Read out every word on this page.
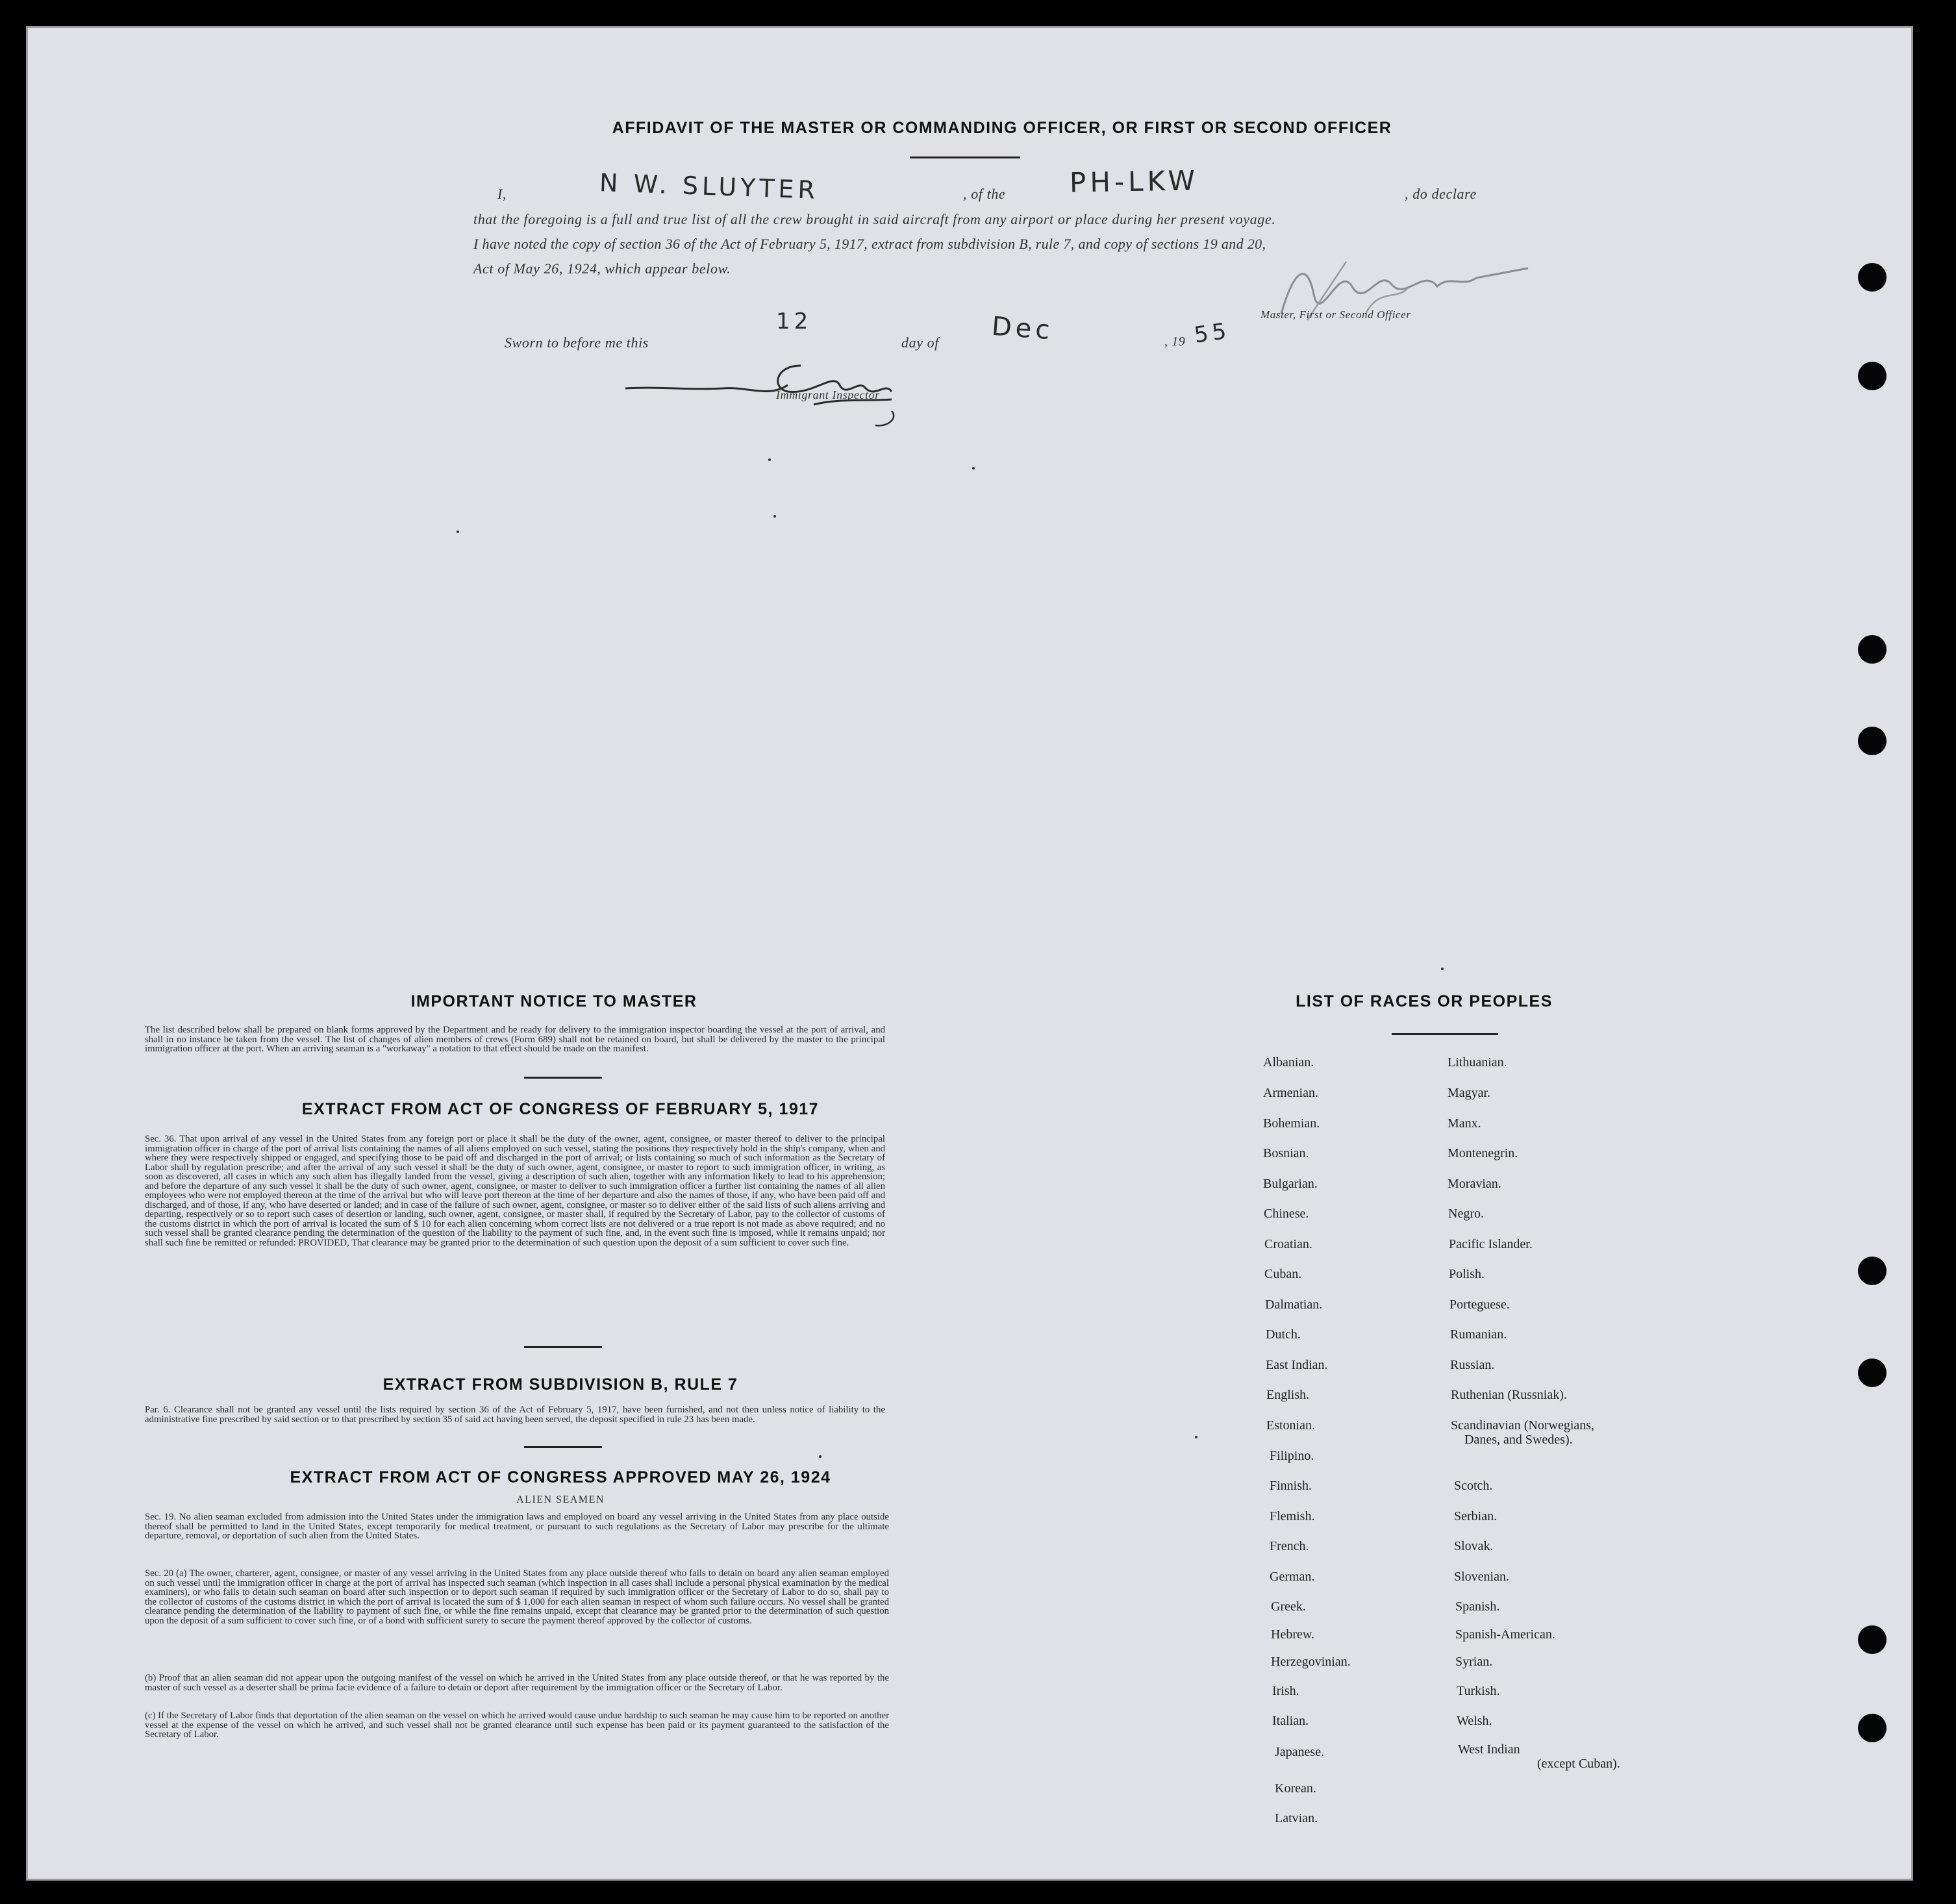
AFFIDAVIT OF THE MASTER OR COMMANDING OFFICER, OR FIRST OR SECOND OFFICER
I,	, of the	, do declare
N W. SLUYTER	PH-LKW
that the foregoing is a full and true list of all the crew brought in said aircraft from any airport or place during her present voyage.
I have noted the copy of section 36 of the Act of February 5, 1917, extract from subdivision B, rule 7, and copy of sections 19 and 20,
Act of May 26, 1924, which appear below.
Master, First or Second Officer
Sworn to before me this
12
day of Dec	, 19 55
Immigrant Inspector
IMPORTANT NOTICE TO MASTER
The list described below shall be prepared on blank forms approved by the Department and be ready for delivery to the immigration inspector boarding the vessel at the port of arrival, and shall in no instance be taken from the vessel. The list of changes of alien members of crews (Form 689) shall not be retained on board, but shall be delivered by the master to the principal immigration officer at the port. When an arriving seaman is a "workaway" a notation to that effect should be made on the manifest.
EXTRACT FROM ACT OF CONGRESS OF FEBRUARY 5, 1917
Sec. 36. That upon arrival of any vessel in the United States from any foreign port or place it shall be the duty of the owner, agent, consignee, or master thereof to deliver to the principal immigration officer in charge of the port of arrival lists containing the names of all aliens employed on such vessel, stating the positions they respectively hold in the ship's company, when and where they were respectively shipped or engaged, and specifying those to be paid off and discharged in the port of arrival; or lists containing so much of such information as the Secretary of Labor shall by regulation prescribe; and after the arrival of any such vessel it shall be the duty of such owner, agent, consignee, or master to report to such immigration officer, in writing, as soon as discovered, all cases in which any such alien has illegally landed from the vessel, giving a description of such alien, together with any information likely to lead to his apprehension; and before the departure of any such vessel it shall be the duty of such owner, agent, consignee, or master to deliver to such immigration officer a further list containing the names of all alien employees who were not employed thereon at the time of the arrival but who will leave port thereon at the time of her departure and also the names of those, if any, who have been paid off and discharged, and of those, if any, who have deserted or landed; and in case of the failure of such owner, agent, consignee, or master so to deliver either of the said lists of such aliens arriving and departing, respectively or so to report such cases of desertion or landing, such owner, agent, consignee, or master shall, if required by the Secretary of Labor, pay to the collector of customs of the customs district in which the port of arrival is located the sum of $ 10 for each alien concerning whom correct lists are not delivered or a true report is not made as above required; and no such vessel shall be granted clearance pending the determination of the question of the liability to the payment of such fine, and, in the event such fine is imposed, while it remains unpaid; nor shall such fine be remitted or refunded: PROVIDED, That clearance may be granted prior to the determination of such question upon the deposit of a sum sufficient to cover such fine.
EXTRACT FROM SUBDIVISION B, RULE 7
Par. 6. Clearance shall not be granted any vessel until the lists required by section 36 of the Act of February 5, 1917, have been furnished, and not then unless notice of liability to the administrative fine prescribed by said section or to that prescribed by section 35 of said act having been served, the deposit specified in rule 23 has been made.
EXTRACT FROM ACT OF CONGRESS APPROVED MAY 26, 1924
ALIEN SEAMEN
Sec. 19. No alien seaman excluded from admission into the United States under the immigration laws and employed on board any vessel arriving in the United States from any place outside thereof shall be permitted to land in the United States, except temporarily for medical treatment, or pursuant to such regulations as the Secretary of Labor may prescribe for the ultimate departure, removal, or deportation of such alien from the United States.
Sec. 20 (a) The owner, charterer, agent, consignee, or master of any vessel arriving in the United States from any place outside thereof who fails to detain on board any alien seaman employed on such vessel until the immigration officer in charge at the port of arrival has inspected such seaman (which inspection in all cases shall include a personal physical examination by the medical examiners), or who fails to detain such seaman on board after such inspection or to deport such seaman if required by such immigration officer or the Secretary of Labor to do so, shall pay to the collector of customs of the customs district in which the port of arrival is located the sum of $ 1,000 for each alien seaman in respect of whom such failure occurs. No vessel shall be granted clearance pending the determination of the liability to payment of such fine, or while the fine remains unpaid, except that clearance may be granted prior to the determination of such question upon the deposit of a sum sufficient to cover such fine, or of a bond with sufficient surety to secure the payment thereof approved by the collector of customs.
(b) Proof that an alien seaman did not appear upon the outgoing manifest of the vessel on which he arrived in the United States from any place outside thereof, or that he was reported by the master of such vessel as a deserter shall be prima facie evidence of a failure to detain or deport after requirement by the immigration officer or the Secretary of Labor.
(c) If the Secretary of Labor finds that deportation of the alien seaman on the vessel on which he arrived would cause undue hardship to such seaman he may cause him to be reported on another vessel at the expense of the vessel on which he arrived, and such vessel shall not be granted clearance until such expense has been paid or its payment guaranteed to the satisfaction of the Secretary of Labor.
LIST OF RACES OR PEOPLES
Albanian.
Armenian.
Bohemian.
Bosnian.
Bulgarian.
Chinese.
Croatian.
Cuban.
Dalmatian.
Dutch.
East Indian.
English.
Estonian.
Filipino.
Finnish.
Flemish.
French.
German.
Greek.
Hebrew.
Herzegovinian.
Irish.
Italian.
Japanese.
Korean.
Latvian.
Lithuanian.
Magyar.
Manx.
Montenegrin.
Moravian.
Negro.
Pacific Islander.
Polish.
Porteguese.
Rumanian.
Russian.
Ruthenian (Russniak).
Scandinavian (Norwegians,
Danes, and Swedes).
Scotch.
Serbian.
Slovak.
Slovenian.
Spanish.
Spanish-American.
Syrian.
Turkish.
Welsh.
West Indian
(except Cuban).
